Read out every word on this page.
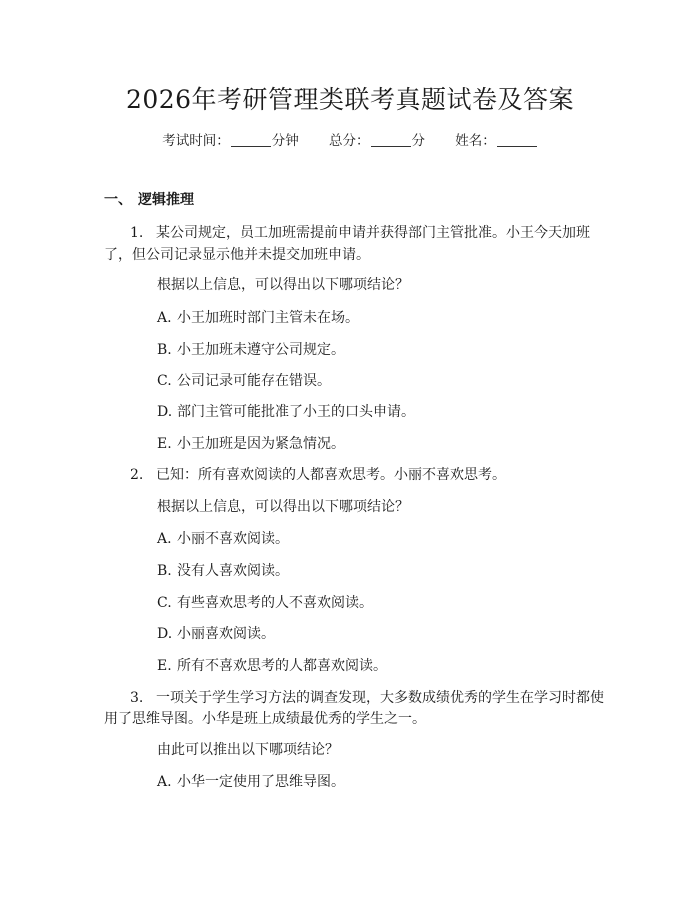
2026年考研管理类联考真题试卷及答案
考试时间：	分钟 总分：	分 姓名：
一、 逻辑推理
1. 某公司规定，员工加班需提前申请并获得部门主管批准。小王今天加班
了，但公司记录显示他并未提交加班申请。
根据以上信息，可以得出以下哪项结论？
A. 小王加班时部门主管未在场。
B. 小王加班未遵守公司规定。
C. 公司记录可能存在错误。
D. 部门主管可能批准了小王的口头申请。
E. 小王加班是因为紧急情况。
2. 已知：所有喜欢阅读的人都喜欢思考。小丽不喜欢思考。
根据以上信息，可以得出以下哪项结论？
A. 小丽不喜欢阅读。
B. 没有人喜欢阅读。
C. 有些喜欢思考的人不喜欢阅读。
D. 小丽喜欢阅读。
E. 所有不喜欢思考的人都喜欢阅读。
3. 一项关于学生学习方法的调查发现，大多数成绩优秀的学生在学习时都使
用了思维导图。小华是班上成绩最优秀的学生之一。
由此可以推出以下哪项结论？
A. 小华一定使用了思维导图。
